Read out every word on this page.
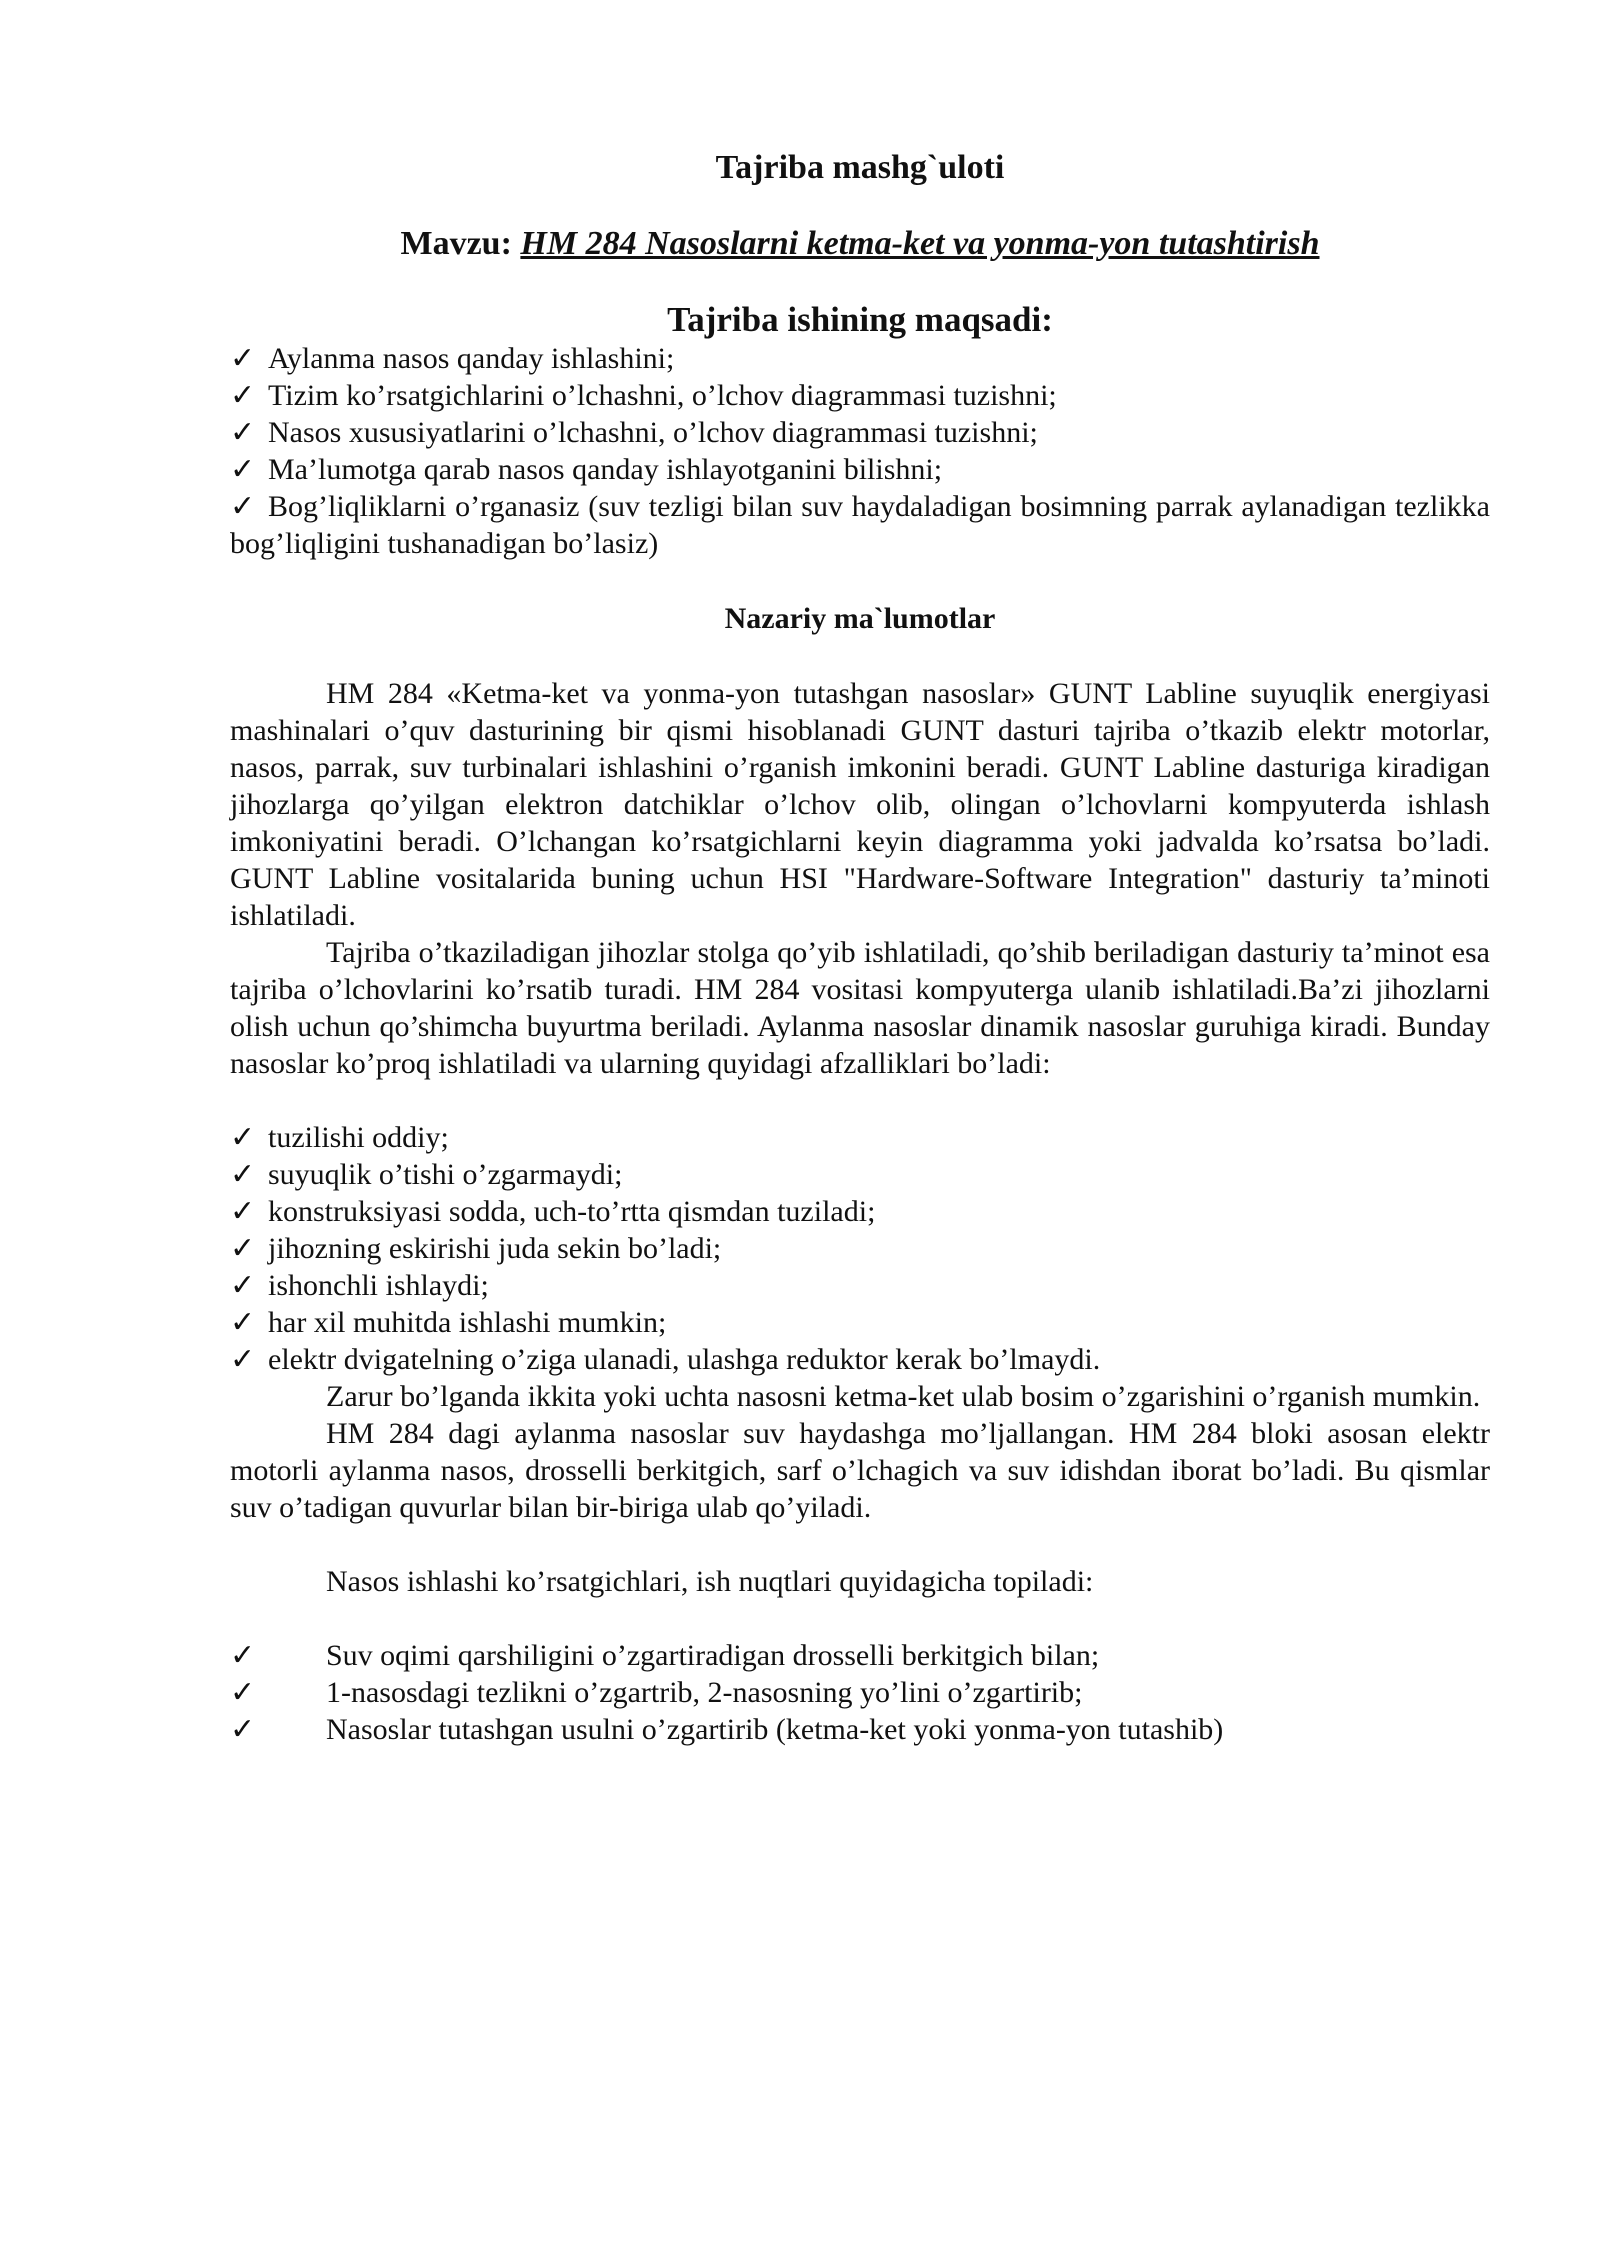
Tajriba mashg`uloti
Mavzu: HM 284 Nasoslarni ketma-ket va yonma-yon tutashtirish
Tajriba ishining maqsadi:
✓ Aylanma nasos qanday ishlashini;
✓ Tizim ko’rsatgichlarini o’lchashni, o’lchov diagrammasi tuzishni;
✓ Nasos xususiyatlarini o’lchashni, o’lchov diagrammasi tuzishni;
✓ Ma’lumotga qarab nasos qanday ishlayotganini bilishni;
✓ Bog’liqliklarni o’rganasiz (suv tezligi bilan suv haydaladigan bosimning parrak aylanadigan tezlikka bog’liqligini tushanadigan bo’lasiz)
Nazariy ma`lumotlar

HM 284 «Ketma-ket va yonma-yon tutashgan nasoslar» GUNT Labline suyuqlik energiyasi mashinalari o’quv dasturining bir qismi hisoblanadi GUNT dasturi tajriba o’tkazib elektr motorlar, nasos, parrak, suv turbinalari ishlashini o’rganish imkonini beradi. GUNT Labline dasturiga kiradigan jihozlarga qo’yilgan elektron datchiklar o’lchov olib, olingan o’lchovlarni kompyuterda ishlash imkoniyatini beradi. O’lchangan ko’rsatgichlarni keyin diagramma yoki jadvalda ko’rsatsa bo’ladi. GUNT Labline vositalarida buning uchun HSI "Hardware-Software Integration" dasturiy ta’minoti ishlatiladi.

Tajriba o’tkaziladigan jihozlar stolga qo’yib ishlatiladi, qo’shib beriladigan dasturiy ta’minot esa tajriba o’lchovlarini ko’rsatib turadi. HM 284 vositasi kompyuterga ulanib ishlatiladi.Ba’zi jihozlarni olish uchun qo’shimcha buyurtma beriladi. Aylanma nasoslar dinamik nasoslar guruhiga kiradi. Bunday nasoslar ko’proq ishlatiladi va ularning quyidagi afzalliklari bo’ladi:

✓ tuzilishi oddiy;
✓ suyuqlik o’tishi o’zgarmaydi;
✓ konstruksiyasi sodda, uch-to’rtta qismdan tuziladi;
✓ jihozning eskirishi juda sekin bo’ladi;
✓ ishonchli ishlaydi;
✓ har xil muhitda ishlashi mumkin;
✓ elektr dvigatelning o’ziga ulanadi, ulashga reduktor kerak bo’lmaydi.

Zarur bo’lganda ikkita yoki uchta nasosni ketma-ket ulab bosim o’zgarishini o’rganish mumkin.

HM 284 dagi aylanma nasoslar suv haydashga mo’ljallangan. HM 284 bloki asosan elektr motorli aylanma nasos, drosselli berkitgich, sarf o’lchagich va suv idishdan iborat bo’ladi. Bu qismlar suv o’tadigan quvurlar bilan bir-biriga ulab qo’yiladi.

Nasos ishlashi ko’rsatgichlari, ish nuqtlari quyidagicha topiladi:

✓ Suv oqimi qarshiligini o’zgartiradigan drosselli berkitgich bilan;
✓ 1-nasosdagi tezlikni o’zgartrib, 2-nasosning yo’lini o’zgartirib;
✓ Nasoslar tutashgan usulni o’zgartirib (ketma-ket yoki yonma-yon tutashib)
